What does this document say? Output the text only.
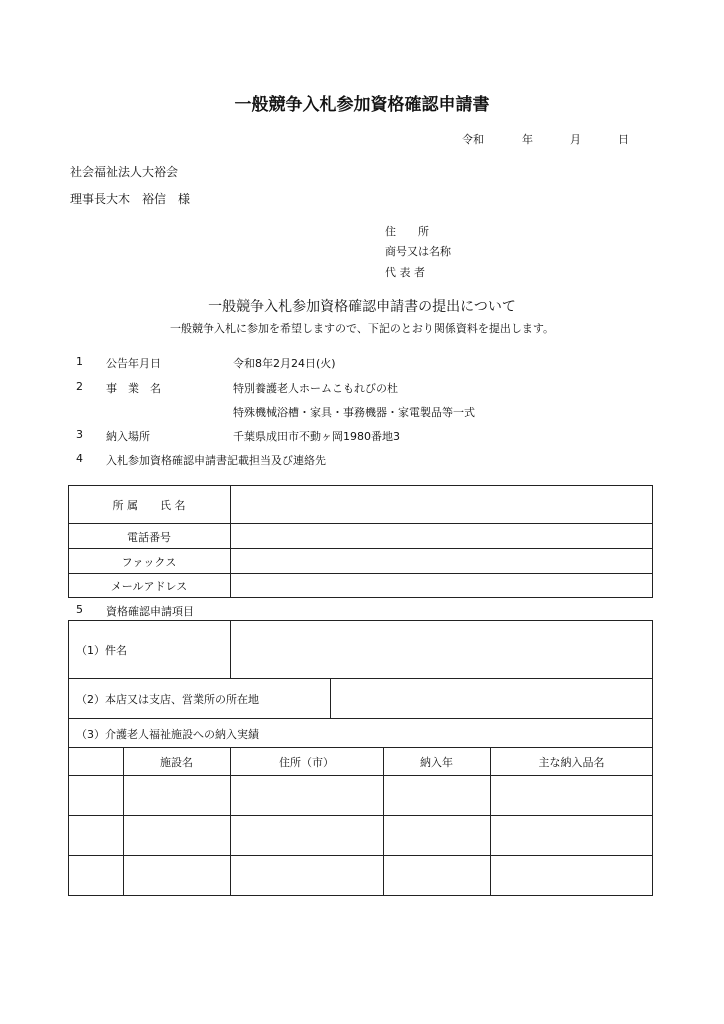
一般競争入札参加資格確認申請書
令和	年	月	日
社会福祉法人大裕会
理事長大木　裕信　様
住　　所
商号又は名称
代 表 者
一般競争入札参加資格確認申請書の提出について
一般競争入札に参加を希望しますので、下記のとおり関係資料を提出します。
1 公告年月日	令和8年2月24日(火)
2 事　業　名	特別養護老人ホームこもれびの杜
特殊機械浴槽・家具・事務機器・家電製品等一式
3 納入場所	千葉県成田市不動ヶ岡1980番地3
4 入札参加資格確認申請書記載担当及び連絡先
所 属　　氏 名
電話番号
ファックス
メールアドレス
5 資格確認申請項目
（1）件名
（2）本店又は支店、営業所の所在地
（3）介護老人福祉施設への納入実績
施設名	住所（市）	納入年	主な納入品名
